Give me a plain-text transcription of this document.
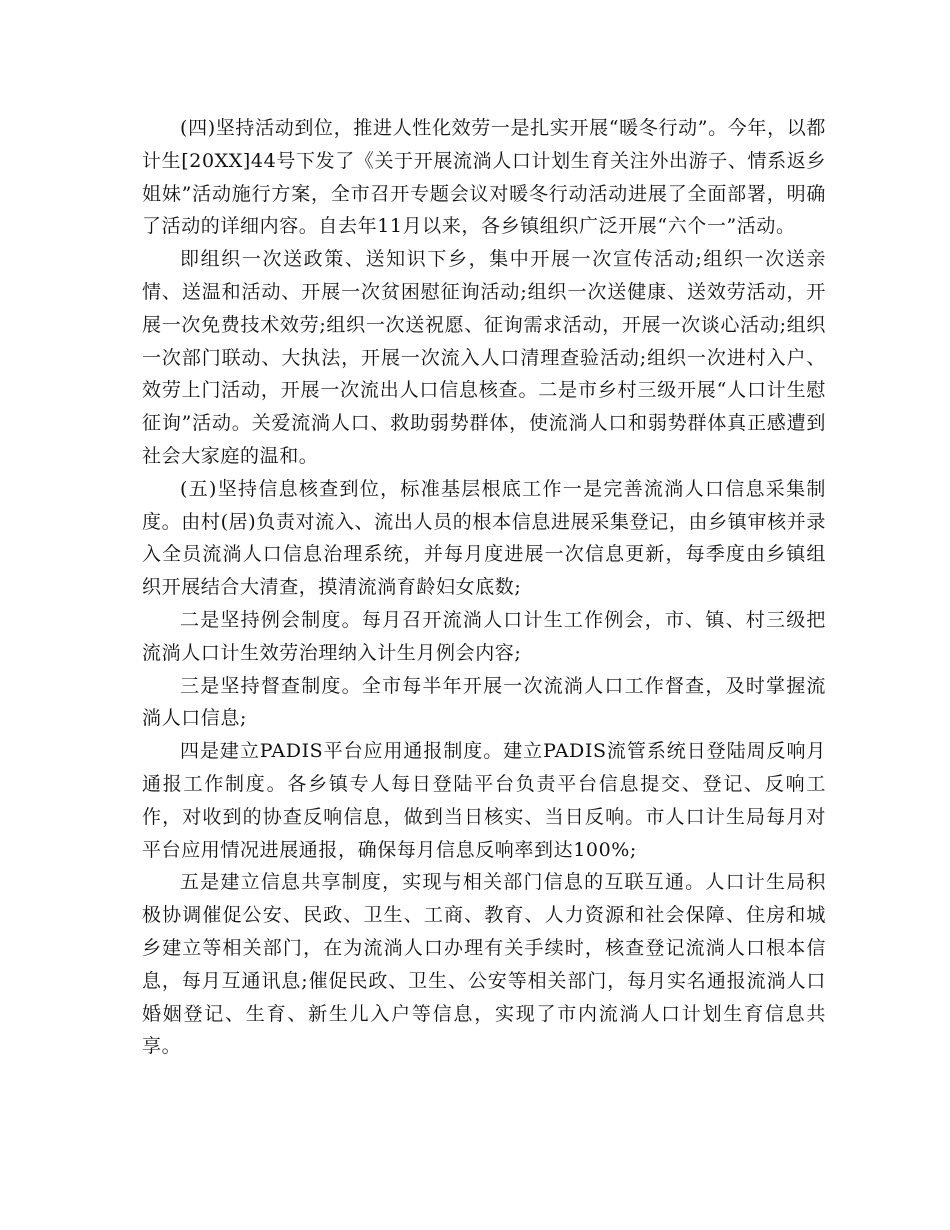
(四)坚持活动到位，推进人性化效劳一是扎实开展“暖冬行动”。今年，以都计生[20XX]44号下发了《关于开展流淌人口计划生育关注外出游子、情系返乡姐妹”活动施行方案，全市召开专题会议对暖冬行动活动进展了全面部署，明确了活动的详细内容。自去年11月以来，各乡镇组织广泛开展“六个一”活动。

即组织一次送政策、送知识下乡，集中开展一次宣传活动;组织一次送亲情、送温和活动、开展一次贫困慰征询活动;组织一次送健康、送效劳活动，开展一次免费技术效劳;组织一次送祝愿、征询需求活动，开展一次谈心活动;组织一次部门联动、大执法，开展一次流入人口清理查验活动;组织一次进村入户、效劳上门活动，开展一次流出人口信息核查。二是市乡村三级开展“人口计生慰征询”活动。关爱流淌人口、救助弱势群体，使流淌人口和弱势群体真正感遭到社会大家庭的温和。

(五)坚持信息核查到位，标准基层根底工作一是完善流淌人口信息采集制度。由村(居)负责对流入、流出人员的根本信息进展采集登记，由乡镇审核并录入全员流淌人口信息治理系统，并每月度进展一次信息更新，每季度由乡镇组织开展结合大清查，摸清流淌育龄妇女底数;

二是坚持例会制度。每月召开流淌人口计生工作例会，市、镇、村三级把流淌人口计生效劳治理纳入计生月例会内容;

三是坚持督查制度。全市每半年开展一次流淌人口工作督查，及时掌握流淌人口信息;

四是建立PADIS平台应用通报制度。建立PADIS流管系统日登陆周反响月通报工作制度。各乡镇专人每日登陆平台负责平台信息提交、登记、反响工作，对收到的协查反响信息，做到当日核实、当日反响。市人口计生局每月对平台应用情况进展通报，确保每月信息反响率到达100%;

五是建立信息共享制度，实现与相关部门信息的互联互通。人口计生局积极协调催促公安、民政、卫生、工商、教育、人力资源和社会保障、住房和城乡建立等相关部门，在为流淌人口办理有关手续时，核查登记流淌人口根本信息，每月互通讯息;催促民政、卫生、公安等相关部门，每月实名通报流淌人口婚姻登记、生育、新生儿入户等信息，实现了市内流淌人口计划生育信息共享。
